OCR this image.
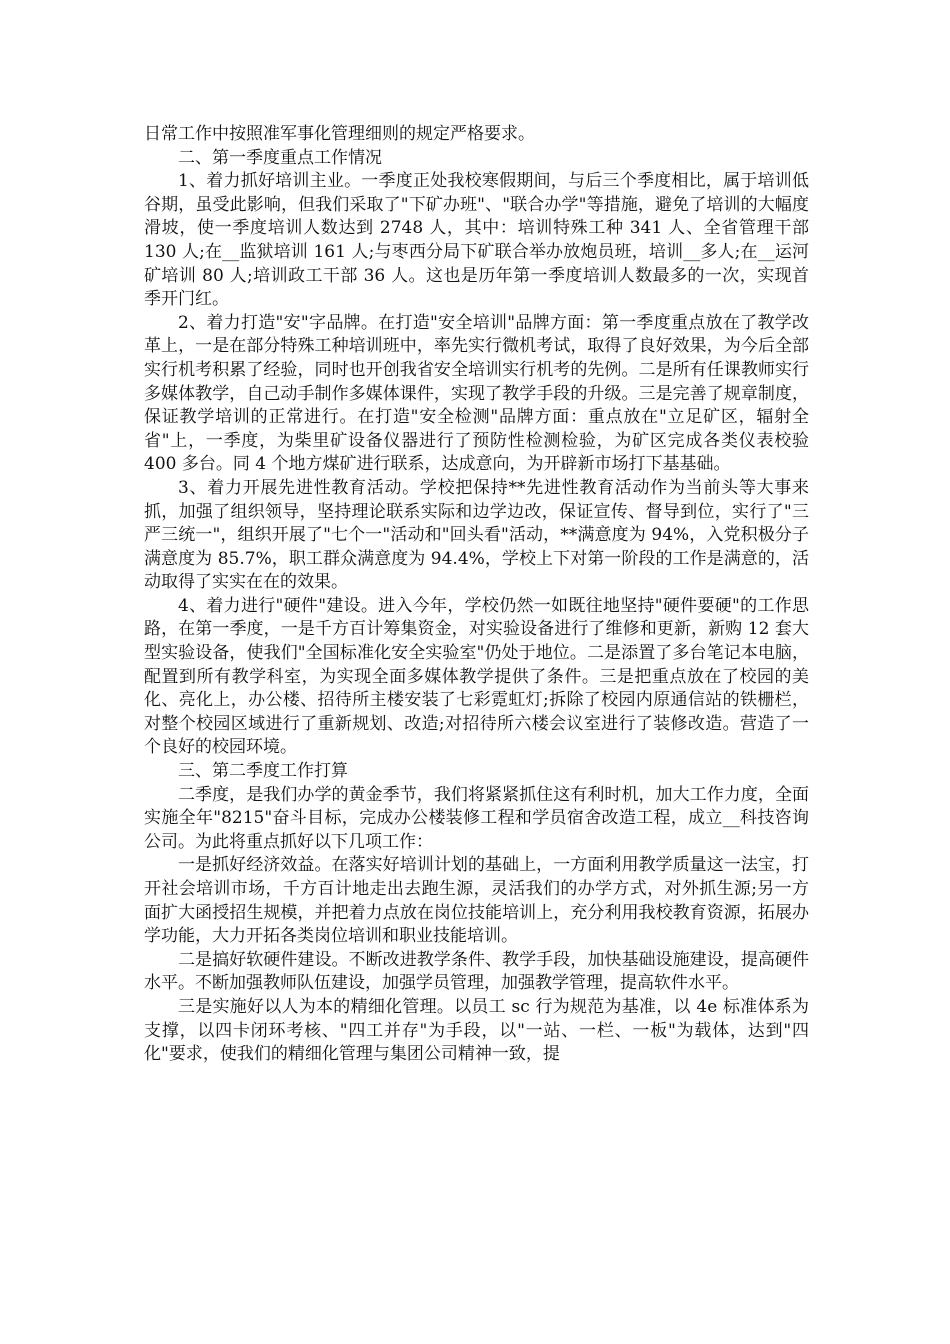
日常工作中按照准军事化管理细则的规定严格要求。

二、第一季度重点工作情况

1、着力抓好培训主业。一季度正处我校寒假期间，与后三个季度相比，属于培训低谷期，虽受此影响，但我们采取了"下矿办班"、"联合办学"等措施，避免了培训的大幅度滑坡，使一季度培训人数达到 2748 人，其中：培训特殊工种 341 人、全省管理干部 130 人;在__监狱培训 161 人;与枣西分局下矿联合举办放炮员班，培训__多人;在__运河矿培训 80 人;培训政工干部 36 人。这也是历年第一季度培训人数最多的一次，实现首季开门红。

2、着力打造"安"字品牌。在打造"安全培训"品牌方面：第一季度重点放在了教学改革上，一是在部分特殊工种培训班中，率先实行微机考试，取得了良好效果，为今后全部实行机考积累了经验，同时也开创我省安全培训实行机考的先例。二是所有任课教师实行多媒体教学，自己动手制作多媒体课件，实现了教学手段的升级。三是完善了规章制度，保证教学培训的正常进行。在打造"安全检测"品牌方面：重点放在"立足矿区，辐射全省"上，一季度，为柴里矿设备仪器进行了预防性检测检验，为矿区完成各类仪表校验 400 多台。同 4 个地方煤矿进行联系，达成意向，为开辟新市场打下基基础。

3、着力开展先进性教育活动。学校把保持**先进性教育活动作为当前头等大事来抓，加强了组织领导，坚持理论联系实际和边学边改，保证宣传、督导到位，实行了"三严三统一"，组织开展了"七个一"活动和"回头看"活动，**满意度为 94%，入党积极分子满意度为 85.7%，职工群众满意度为 94.4%，学校上下对第一阶段的工作是满意的，活动取得了实实在在的效果。

4、着力进行"硬件"建设。进入今年，学校仍然一如既往地坚持"硬件要硬"的工作思路，在第一季度，一是千方百计筹集资金，对实验设备进行了维修和更新，新购 12 套大型实验设备，使我们"全国标准化安全实验室"仍处于地位。二是添置了多台笔记本电脑，配置到所有教学科室，为实现全面多媒体教学提供了条件。三是把重点放在了校园的美化、亮化上，办公楼、招待所主楼安装了七彩霓虹灯;拆除了校园内原通信站的铁栅栏，对整个校园区域进行了重新规划、改造;对招待所六楼会议室进行了装修改造。营造了一个良好的校园环境。

三、第二季度工作打算

二季度，是我们办学的黄金季节，我们将紧紧抓住这有利时机，加大工作力度，全面实施全年"8215"奋斗目标，完成办公楼装修工程和学员宿舍改造工程，成立__科技咨询公司。为此将重点抓好以下几项工作：

一是抓好经济效益。在落实好培训计划的基础上，一方面利用教学质量这一法宝，打开社会培训市场，千方百计地走出去跑生源，灵活我们的办学方式，对外抓生源;另一方面扩大函授招生规模，并把着力点放在岗位技能培训上，充分利用我校教育资源，拓展办学功能，大力开拓各类岗位培训和职业技能培训。

二是搞好软硬件建设。不断改进教学条件、教学手段，加快基础设施建设，提高硬件水平。不断加强教师队伍建设，加强学员管理，加强教学管理，提高软件水平。

三是实施好以人为本的精细化管理。以员工 sc 行为规范为基准，以 4e 标准体系为支撑，以四卡闭环考核、"四工并存"为手段，以"一站、一栏、一板"为载体，达到"四化"要求，使我们的精细化管理与集团公司精神一致，提
